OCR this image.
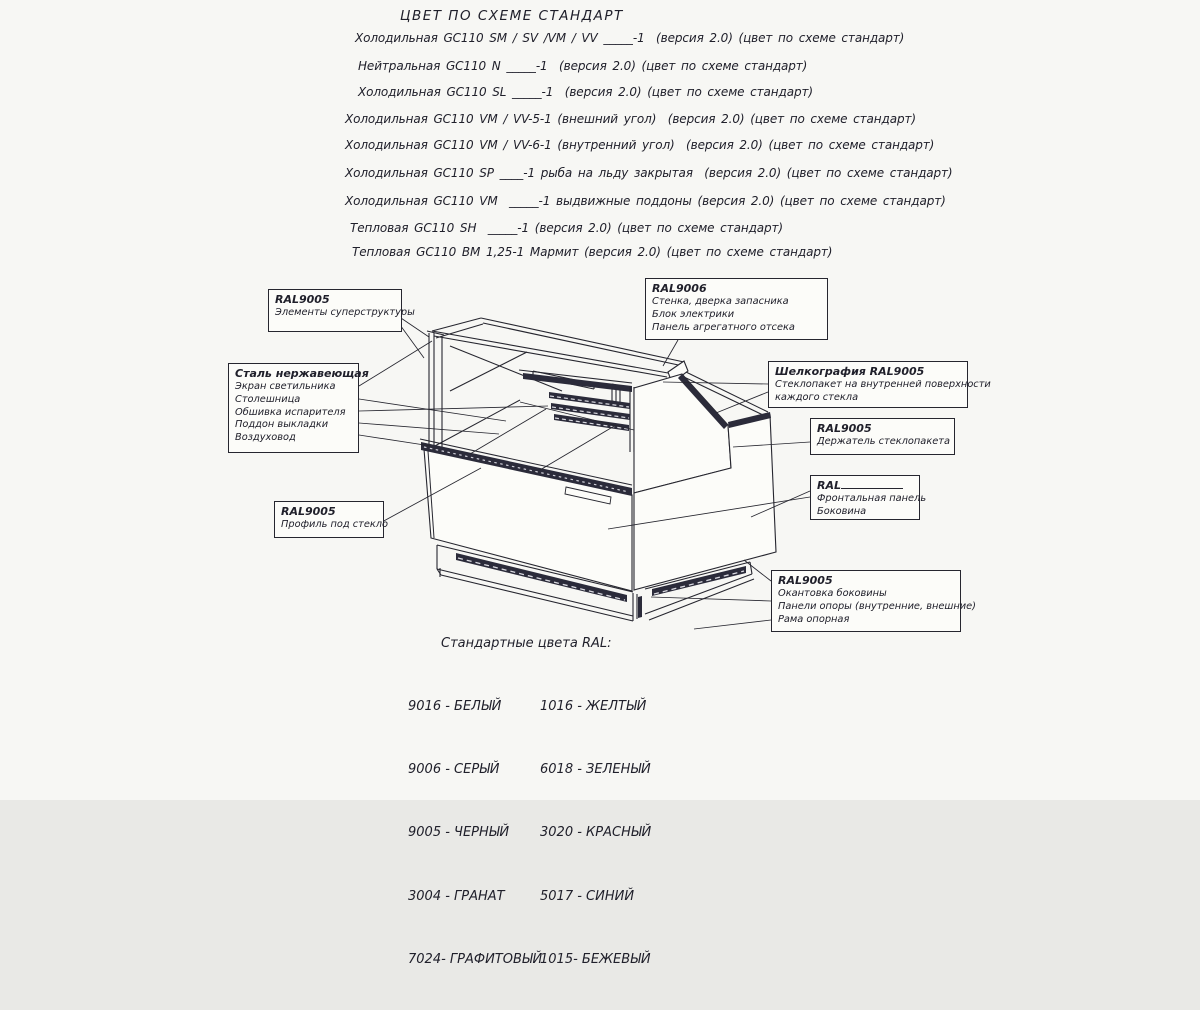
ЦВЕТ ПО СХЕМЕ СТАНДАРТ
Холодильная GC110 SM / SV /VM / VV _____-1  (версия 2.0) (цвет по схеме стандарт)
Нейтральная GC110 N _____-1  (версия 2.0) (цвет по схеме стандарт)
Холодильная GC110 SL _____-1  (версия 2.0) (цвет по схеме стандарт)
Холодильная GC110 VM / VV-5-1 (внешний угол)  (версия 2.0) (цвет по схеме стандарт)
Холодильная GC110 VM / VV-6-1 (внутренний угол)  (версия 2.0) (цвет по схеме стандарт)
Холодильная GC110 SP ____-1 рыба на льду закрытая  (версия 2.0) (цвет по схеме стандарт)
Холодильная GC110 VM  _____-1 выдвижные поддоны (версия 2.0) (цвет по схеме стандарт)
Тепловая GC110 SH  _____-1 (версия 2.0) (цвет по схеме стандарт)
Тепловая GC110 ВМ 1,25-1 Мармит (версия 2.0) (цвет по схеме стандарт)
RAL9005
Элементы суперструктуры
RAL9006
Стенка, дверка запасника
Блок электрики
Панель агрегатного отсека
Сталь нержавеющая
Экран светильника
Столешница
Обшивка испарителя
Поддон выкладки
Воздуховод
Шелкография RAL9005
Стеклопакет на внутренней поверхности
каждого стекла
RAL9005
Держатель стеклопакета
RAL
Фронтальная панель
Боковина
RAL9005
Профиль под стекло
RAL9005
Окантовка боковины
Панели опоры (внутренние, внешние)
Рама опорная
Стандартные цвета RAL:

9016 - БЕЛЫЙ

9006 - СЕРЫЙ

9005 - ЧЕРНЫЙ

3004 - ГРАНАТ

7024- ГРАФИТОВЫЙ

1016 - ЖЕЛТЫЙ

6018 - ЗЕЛЕНЫЙ

3020 - КРАСНЫЙ

5017 - СИНИЙ

1015- БЕЖЕВЫЙ
